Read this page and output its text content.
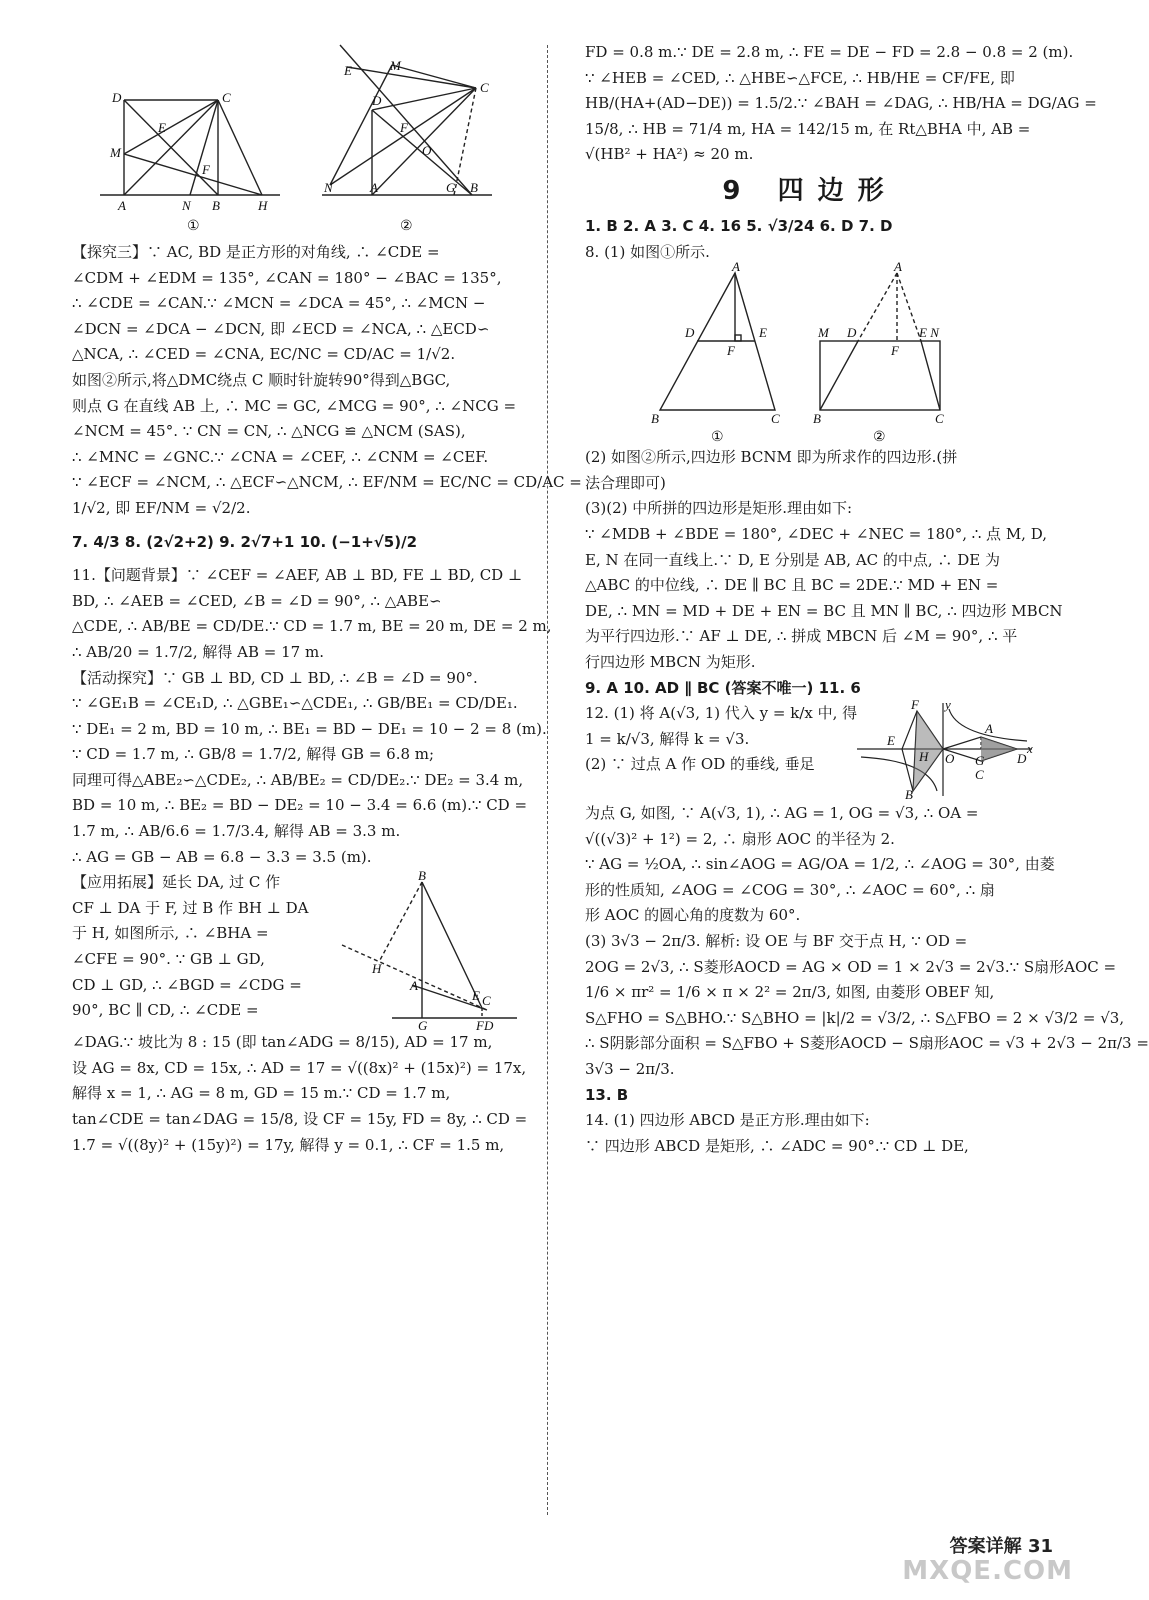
D	C
M
E
F
A	N B	H
E	M
D
C
F
O
N	A	G B
①	②
【探究三】∵ AC, BD 是正方形的对角线, ∴ ∠CDE =
∠CDM + ∠EDM = 135°, ∠CAN = 180° − ∠BAC = 135°,
∴ ∠CDE = ∠CAN.∵ ∠MCN = ∠DCA = 45°, ∴ ∠MCN −
∠DCN = ∠DCA − ∠DCN, 即 ∠ECD = ∠NCA, ∴ △ECD∽
△NCA, ∴ ∠CED = ∠CNA, EC/NC = CD/AC = 1/√2.
如图②所示,将△DMC绕点 C 顺时针旋转90°得到△BGC,
则点 G 在直线 AB 上, ∴ MC = GC, ∠MCG = 90°, ∴ ∠NCG =
∠NCM = 45°. ∵ CN = CN, ∴ △NCG ≌ △NCM (SAS),
∴ ∠MNC = ∠GNC.∵ ∠CNA = ∠CEF, ∴ ∠CNM = ∠CEF.
∵ ∠ECF = ∠NCM, ∴ △ECF∽△NCM, ∴ EF/NM = EC/NC = CD/AC =
1/√2, 即 EF/NM = √2/2.
7. 4/3 8. (2√2+2) 9. 2√7+1 10. (−1+√5)/2
11.【问题背景】∵ ∠CEF = ∠AEF, AB ⊥ BD, FE ⊥ BD, CD ⊥
BD, ∴ ∠AEB = ∠CED, ∠B = ∠D = 90°, ∴ △ABE∽
△CDE, ∴ AB/BE = CD/DE.∵ CD = 1.7 m, BE = 20 m, DE = 2 m,
∴ AB/20 = 1.7/2, 解得 AB = 17 m.
【活动探究】∵ GB ⊥ BD, CD ⊥ BD, ∴ ∠B = ∠D = 90°.
∵ ∠GE₁B = ∠CE₁D, ∴ △GBE₁∽△CDE₁, ∴ GB/BE₁ = CD/DE₁.
∵ DE₁ = 2 m, BD = 10 m, ∴ BE₁ = BD − DE₁ = 10 − 2 = 8 (m).
∵ CD = 1.7 m, ∴ GB/8 = 1.7/2, 解得 GB = 6.8 m;
同理可得△ABE₂∽△CDE₂, ∴ AB/BE₂ = CD/DE₂.∵ DE₂ = 3.4 m,
BD = 10 m, ∴ BE₂ = BD − DE₂ = 10 − 3.4 = 6.6 (m).∵ CD =
1.7 m, ∴ AB/6.6 = 1.7/3.4, 解得 AB = 3.3 m.
∴ AG = GB − AB = 6.8 − 3.3 = 3.5 (m).
【应用拓展】延长 DA, 过 C 作
CF ⊥ DA 于 F, 过 B 作 BH ⊥ DA
于 H, 如图所示, ∴ ∠BHA =
∠CFE = 90°. ∵ GB ⊥ GD,
CD ⊥ GD, ∴ ∠BGD = ∠CDG =
90°, BC ∥ CD, ∴ ∠CDE =
B
H
A
E C
G	FD
∠DAG.∵ 坡比为 8 : 15 (即 tan∠ADG = 8/15), AD = 17 m,
设 AG = 8x, CD = 15x, ∴ AD = 17 = √((8x)² + (15x)²) = 17x,
解得 x = 1, ∴ AG = 8 m, GD = 15 m.∵ CD = 1.7 m,
tan∠CDE = tan∠DAG = 15/8, 设 CF = 15y, FD = 8y, ∴ CD =
1.7 = √((8y)² + (15y)²) = 17y, 解得 y = 0.1, ∴ CF = 1.5 m,
FD = 0.8 m.∵ DE = 2.8 m, ∴ FE = DE − FD = 2.8 − 0.8 = 2 (m).
∵ ∠HEB = ∠CED, ∴ △HBE∽△FCE, ∴ HB/HE = CF/FE, 即
HB/(HA+(AD−DE)) = 1.5/2.∵ ∠BAH = ∠DAG, ∴ HB/HA = DG/AG =
15/8, ∴ HB = 71/4 m, HA = 142/15 m, 在 Rt△BHA 中, AB =
√(HB² + HA²) ≈ 20 m.
9 四边形
1. B 2. A 3. C 4. 16 5. √3/24 6. D 7. D
8. (1) 如图①所示.
A
D	E
F
B	C
A
M D
F
E N
B	C
①	②
(2) 如图②所示,四边形 BCNM 即为所求作的四边形.(拼
法合理即可)
(3)(2) 中所拼的四边形是矩形.理由如下:
∵ ∠MDB + ∠BDE = 180°, ∠DEC + ∠NEC = 180°, ∴ 点 M, D,
E, N 在同一直线上.∵ D, E 分别是 AB, AC 的中点, ∴ DE 为
△ABC 的中位线, ∴ DE ∥ BC 且 BC = 2DE.∵ MD + EN =
DE, ∴ MN = MD + DE + EN = BC 且 MN ∥ BC, ∴ 四边形 MBCN
为平行四边形.∵ AF ⊥ DE, ∴ 拼成 MBCN 后 ∠M = 90°, ∴ 平
行四边形 MBCN 为矩形.
9. A 10. AD ∥ BC (答案不唯一) 11. 6
12. (1) 将 A(√3, 1) 代入 y = k/x 中, 得
1 = k/√3, 解得 k = √3.
(2) ∵ 过点 A 作 OD 的垂线, 垂足
F y
A
E
H O G
C
D
x
B
为点 G, 如图, ∵ A(√3, 1), ∴ AG = 1, OG = √3, ∴ OA =
√((√3)² + 1²) = 2, ∴ 扇形 AOC 的半径为 2.
∵ AG = ½OA, ∴ sin∠AOG = AG/OA = 1/2, ∴ ∠AOG = 30°, 由菱
形的性质知, ∠AOG = ∠COG = 30°, ∴ ∠AOC = 60°, ∴ 扇
形 AOC 的圆心角的度数为 60°.
(3) 3√3 − 2π/3. 解析: 设 OE 与 BF 交于点 H, ∵ OD =
2OG = 2√3, ∴ S菱形AOCD = AG × OD = 1 × 2√3 = 2√3.∵ S扇形AOC =
1/6 × πr² = 1/6 × π × 2² = 2π/3, 如图, 由菱形 OBEF 知,
S△FHO = S△BHO.∵ S△BHO = |k|/2 = √3/2, ∴ S△FBO = 2 × √3/2 = √3,
∴ S阴影部分面积 = S△FBO + S菱形AOCD − S扇形AOC = √3 + 2√3 − 2π/3 =
3√3 − 2π/3.
13. B
14. (1) 四边形 ABCD 是正方形.理由如下:
∵ 四边形 ABCD 是矩形, ∴ ∠ADC = 90°.∵ CD ⊥ DE,
答案详解 31
MXQE.COM
